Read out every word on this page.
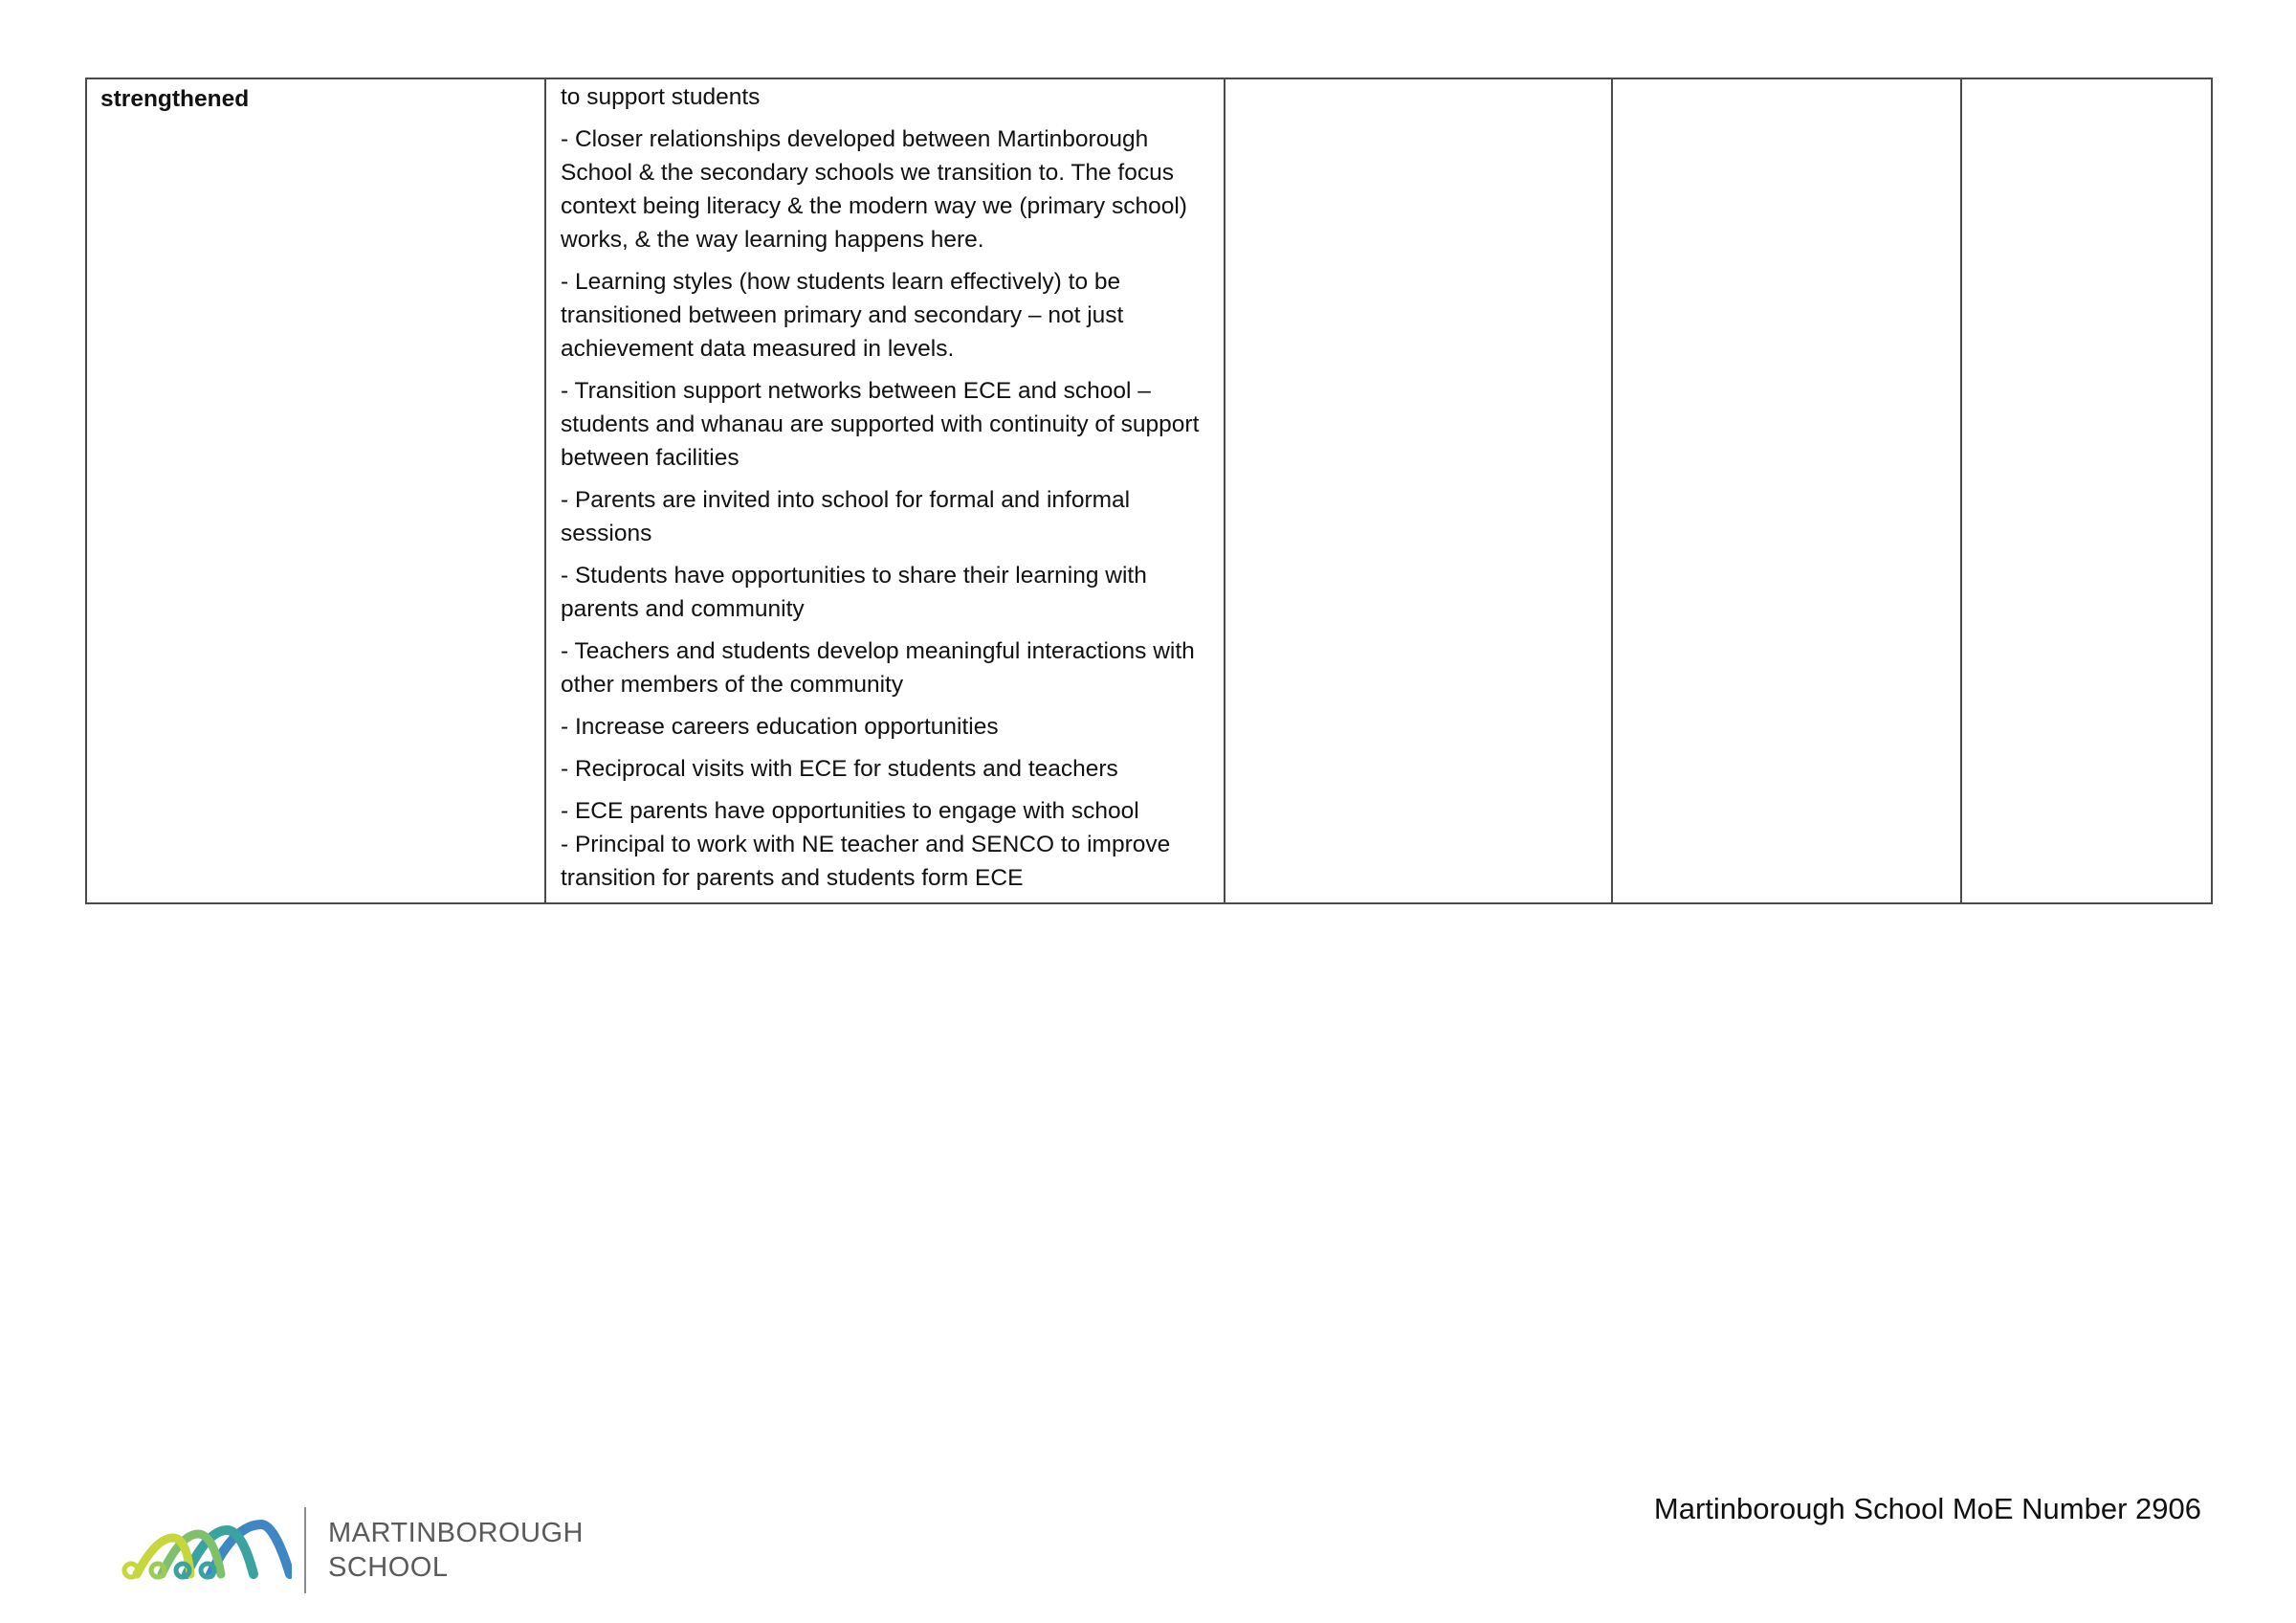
strengthened	to support students
- Closer relationships developed between Martinborough School & the secondary schools we transition to. The focus context being literacy & the modern way we (primary school) works, & the way learning happens here.
- Learning styles (how students learn effectively) to be transitioned between primary and secondary – not just achievement data measured in levels.
- Transition support networks between ECE and school – students and whanau are supported with continuity of support between facilities
- Parents are invited into school for formal and informal sessions
- Students have opportunities to share their learning with parents and community
- Teachers and students develop meaningful interactions with other members of the community
- Increase careers education opportunities
- Reciprocal visits with ECE for students and teachers
- ECE parents have opportunities to engage with school
- Principal to work with NE teacher and SENCO to improve transition for parents and students form ECE

MARTINBOROUGH
SCHOOL
Martinborough School MoE Number 2906
